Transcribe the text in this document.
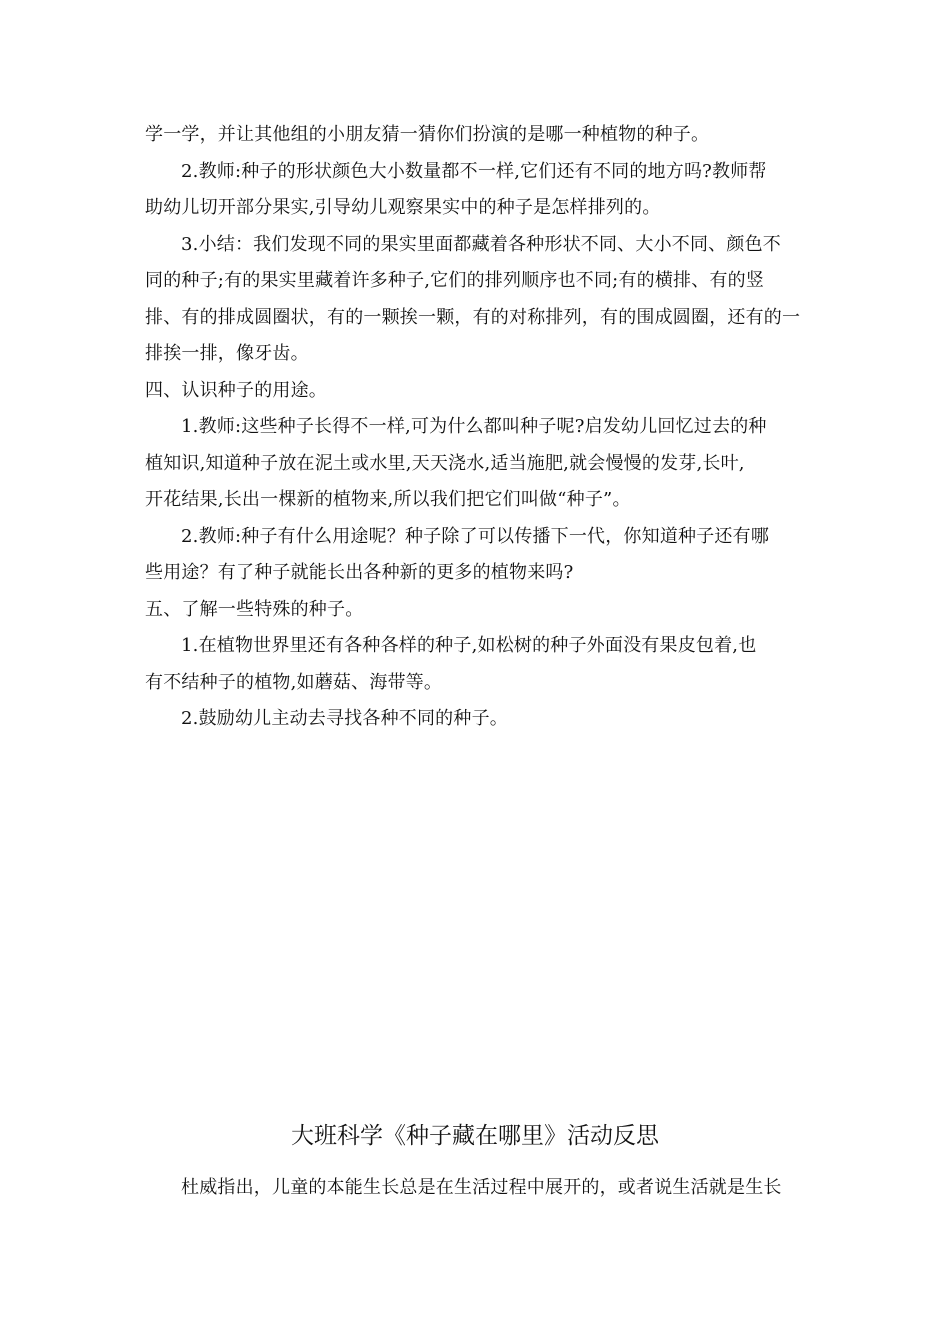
学一学，并让其他组的小朋友猜一猜你们扮演的是哪一种植物的种子。
2.教师:种子的形状颜色大小数量都不一样,它们还有不同的地方吗?教师帮
助幼儿切开部分果实,引导幼儿观察果实中的种子是怎样排列的。
3.小结：我们发现不同的果实里面都藏着各种形状不同、大小不同、颜色不
同的种子;有的果实里藏着许多种子,它们的排列顺序也不同;有的横排、有的竖
排、有的排成圆圈状，有的一颗挨一颗，有的对称排列，有的围成圆圈，还有的一
排挨一排，像牙齿。
四、认识种子的用途。
1.教师:这些种子长得不一样,可为什么都叫种子呢?启发幼儿回忆过去的种
植知识,知道种子放在泥土或水里,天天浇水,适当施肥,就会慢慢的发芽,长叶,
开花结果,长出一棵新的植物来,所以我们把它们叫做“种子”。
2.教师:种子有什么用途呢？种子除了可以传播下一代，你知道种子还有哪
些用途？有了种子就能长出各种新的更多的植物来吗?
五、了解一些特殊的种子。
1.在植物世界里还有各种各样的种子,如松树的种子外面没有果皮包着,也
有不结种子的植物,如蘑菇、海带等。
2.鼓励幼儿主动去寻找各种不同的种子。
大班科学《种子藏在哪里》活动反思
杜威指出，儿童的本能生长总是在生活过程中展开的，或者说生活就是生长
